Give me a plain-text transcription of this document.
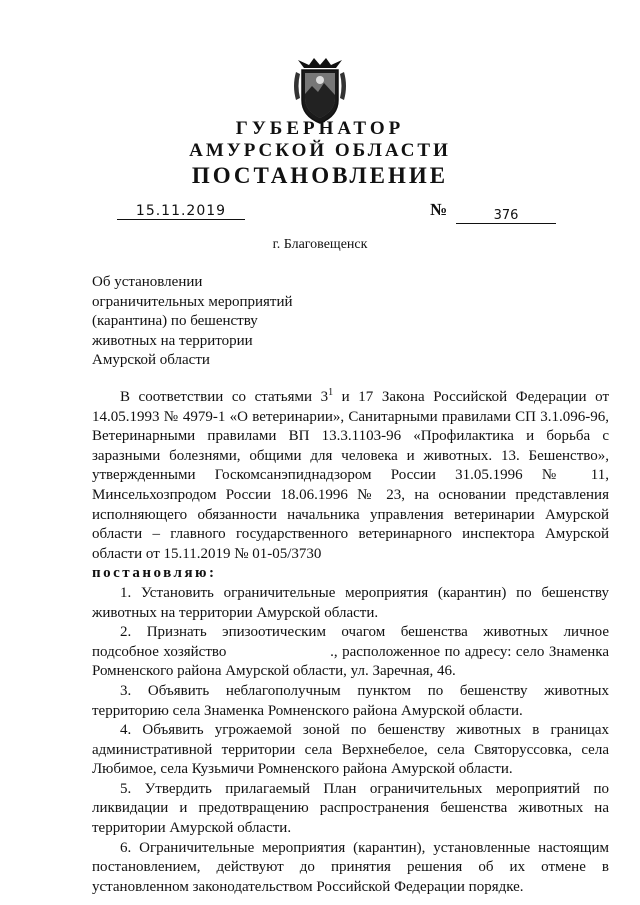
ГУБЕРНАТОР
АМУРСКОЙ ОБЛАСТИ
ПОСТАНОВЛЕНИЕ
15.11.2019	№	376
г. Благовещенск
Об установлении
ограничительных мероприятий
(карантина) по бешенству
животных на территории
Амурской области

В соответствии со статьями $3^1$ и 17 Закона Российской Федерации от 14.05.1993 № 4979-1 «О ветеринарии», Санитарными правилами СП 3.1.096-96, Ветеринарными правилами ВП 13.3.1103-96 «Профилактика и борьба с заразными болезнями, общими для человека и животных. 13. Бешенство», утвержденными Госкомсанэпиднадзором России 31.05.1996 № 11, Минсельхозпродом России 18.06.1996 № 23, на основании представления исполняющего обязанности начальника управления ветеринарии Амурской области – главного государственного ветеринарного инспектора Амурской области от 15.11.2019 № 01-05/3730

постановляю:

1. Установить ограничительные мероприятия (карантин) по бешенству животных на территории Амурской области.

2. Признать эпизоотическим очагом бешенства животных личное подсобное хозяйство                       ., расположенное по адресу: село Знаменка Ромненского района Амурской области, ул. Заречная, 46.

3. Объявить неблагополучным пунктом по бешенству животных территорию села Знаменка Ромненского района Амурской области.

4. Объявить угрожаемой зоной по бешенству животных в границах административной территории села Верхнебелое, села Святоруссовка, села Любимое, села Кузьмичи Ромненского района Амурской области.

5. Утвердить прилагаемый План ограничительных мероприятий по ликвидации и предотвращению распространения бешенства животных на территории Амурской области.

6. Ограничительные мероприятия (карантин), установленные настоящим постановлением, действуют до принятия решения об их отмене в установленном законодательством Российской Федерации порядке.
